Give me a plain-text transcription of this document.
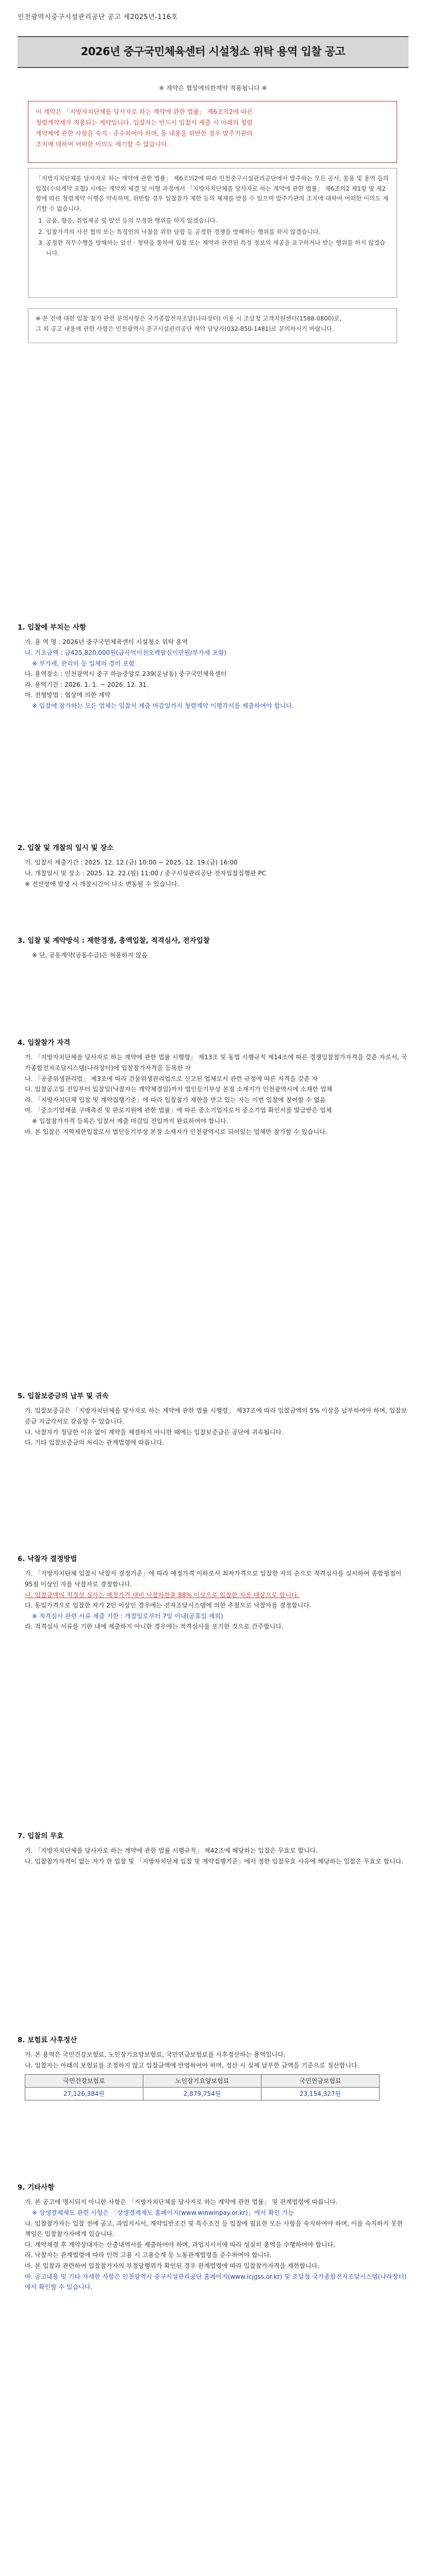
인천광역시중구시설관리공단 공고 제2025년-116호
2026년 중구국민체육센터 시설청소 위탁 용역 입찰 공고
※ 계약은 협상에의한계약 적용됩니다 ※
이 계약은 「지방자치단체를 당사자로 하는 계약에 관한 법률」 제6조의2에 따른
청렴계약제가 적용되는 계약입니다. 입찰자는 반드시 입찰서 제출 시 아래의 청렴
계약제에 관한 사항을 숙지 · 준수하여야 하며, 동 내용을 위반한 경우 발주기관의
조치에 대하여 어떠한 이의도 제기할 수 없습니다.

「지방자치단체를 당사자로 하는 계약에 관한 법률」 제6조의2에 따라 인천중구시설관리공단에서 발주하는 모든 공사, 물품 및 용역 등의 입찰(수의계약 포함) 시에는 계약의 체결 및 이행 과정에서 「지방자치단체를 당사자로 하는 계약에 관한 법률」 제6조의2 제1항 및 제2항에 따른 청렴계약 이행을 약속하며, 위반할 경우 입찰참가 제한 등의 제재를 받을 수 있으며 발주기관의 조치에 대하여 어떠한 이의도 제기할 수 없습니다.

1. 금품, 향응, 취업제공 및 알선 등의 부정한 행위를 하지 않겠습니다.
2. 입찰가격의 사전 협의 또는 특정인의 낙찰을 위한 담합 등 공정한 경쟁을 방해하는 행위를 하지 않겠습니다.
3. 공정한 직무수행을 방해하는 알선 · 청탁을 통하여 입찰 또는 계약과 관련된 특정 정보의 제공을 요구하거나 받는 행위를 하지 않겠습니다.
※ 본 건에 대한 입찰 참가 관련 문의사항은 국가종합전자조달(나라장터) 이용 시 조달청 고객지원센터(1588-0800)로,
그 외 공고 내용에 관한 사항은 인천광역시 중구시설관리공단 계약 담당자(032-850-1481)로 문의하시기 바랍니다.
1. 입찰에 부치는 사항

가. 용 역 명 : 2026년 중구국민체육센터 시설청소 위탁 용역

나. 기초금액 : 금425,820,000원(금사억이천오백팔십이만원/부가세 포함)

※ 부가세, 관리비 등 일체의 경비 포함

다. 용역장소 : 인천광역시 중구 하늘중앙로 239(운남동) 중구국민체육센터

라. 용역기간 : 2026. 1. 1. ~ 2026. 12. 31.

마. 전형방법 : 협상에 의한 계약

※ 입찰에 참가하는 모든 업체는 입찰서 제출 마감일까지 청렴계약 이행각서를 제출하여야 합니다.

2. 입찰 및 개찰의 일시 및 장소

가. 입찰서 제출기간 : 2025. 12. 12.(금) 10:00 ~ 2025. 12. 19.(금) 16:00

나. 개찰일시 및 장소 : 2025. 12. 22.(월) 11:00 / 중구시설관리공단 전자입찰집행관 PC

※ 전산장애 발생 시 개찰시간이 다소 변동될 수 있습니다.

3. 입찰 및 계약방식 : 제한경쟁, 총액입찰, 적격심사, 전자입찰

※ 단, 공동계약(공동수급)은 허용하지 않음

4. 입찰참가 자격

가. 「지방자치단체를 당사자로 하는 계약에 관한 법률 시행령」 제13조 및 동법 시행규칙 제14조에 따른 경쟁입찰참가자격을 갖춘 자로서, 국가종합전자조달시스템(나라장터)에 입찰참가자격을 등록한 자

나. 「공중위생관리법」 제3조에 따라 건물위생관리업으로 신고된 업체로서 관련 규정에 따른 자격을 갖춘 자

다. 입찰공고일 전일부터 입찰일(낙찰자는 계약체결일)까지 법인등기부상 본점 소재지가 인천광역시에 소재한 업체

라. 「지방자치단체 입찰 및 계약집행기준」에 따라 입찰참가 제한을 받고 있는 자는 이번 입찰에 참여할 수 없음

마. 「중소기업제품 구매촉진 및 판로지원에 관한 법률」에 따른 중소기업자로서 중소기업 확인서를 발급받은 업체

※ 입찰참가자격 등록은 입찰서 제출 마감일 전일까지 완료하여야 합니다.

바. 본 입찰은 지역제한입찰로서 법인등기부상 본점 소재지가 인천광역시로 되어있는 업체만 참가할 수 있습니다.

5. 입찰보증금의 납부 및 귀속

가. 입찰보증금은 「지방자치단체를 당사자로 하는 계약에 관한 법률 시행령」 제37조에 따라 입찰금액의 5% 이상을 납부하여야 하며, 입찰보증금 지급각서로 갈음할 수 있습니다.

나. 낙찰자가 정당한 이유 없이 계약을 체결하지 아니한 때에는 입찰보증금은 공단에 귀속됩니다.

다. 기타 입찰보증금의 처리는 관계법령에 따릅니다.

6. 낙찰자 결정방법

가. 「지방자치단체 입찰시 낙찰자 결정기준」에 따라 예정가격 이하로서 최저가격으로 입찰한 자의 순으로 적격심사를 실시하여 종합평점이 95점 이상인 자를 낙찰자로 결정합니다.

나. 입찰금액의 적정성 심사는 예정가격 대비 낙찰하한율 88% 이상으로 입찰한 자를 대상으로 합니다.

다. 동일가격으로 입찰한 자가 2인 이상인 경우에는 전자조달시스템에 의한 추첨으로 낙찰자를 결정합니다.

※ 적격심사 관련 서류 제출 기한 : 개찰일로부터 7일 이내(공휴일 제외)

라. 적격심사 서류를 기한 내에 제출하지 아니한 경우에는 적격심사를 포기한 것으로 간주합니다.

7. 입찰의 무효

가. 「지방자치단체를 당사자로 하는 계약에 관한 법률 시행규칙」 제42조에 해당하는 입찰은 무효로 합니다.

나. 입찰참가자격이 없는 자가 한 입찰 및 「지방자치단체 입찰 및 계약집행기준」에서 정한 입찰무효 사유에 해당하는 입찰은 무효로 합니다.

8. 보험료 사후정산

가. 본 용역은 국민건강보험료, 노인장기요양보험료, 국민연금보험료를 사후정산하는 용역입니다.

나. 입찰자는 아래의 보험료를 조정하지 않고 입찰금액에 반영하여야 하며, 정산 시 실제 납부한 금액을 기준으로 정산합니다.

국민건강보험료	노인장기요양보험료	국민연금보험료
27,126,384원	2,879,754원	23,154,327원
9. 기타사항

가. 본 공고에 명시되지 아니한 사항은 「지방자치단체를 당사자로 하는 계약에 관한 법률」 및 관계법령에 따릅니다.

※ 상생결제제도 관련 사항은 「상생결제제도 홈페이지(www.winwinpay.or.kr)」에서 확인 가능

나. 입찰참가자는 입찰 전에 공고, 과업지시서, 계약일반조건 및 특수조건 등 입찰에 필요한 모든 사항을 숙지하여야 하며, 이를 숙지하지 못한 책임은 입찰참가자에게 있습니다.

다. 계약체결 후 계약상대자는 산출내역서를 제출하여야 하며, 과업지시서에 따라 성실히 용역을 수행하여야 합니다.

라. 낙찰자는 관계법령에 따라 인력 고용 시 고용승계 등 노동관계법령을 준수하여야 합니다.

마. 본 입찰과 관련하여 입찰참가자의 부정당행위가 확인된 경우 관계법령에 따라 입찰참가자격을 제한합니다.

바. 공고내용 및 기타 자세한 사항은 인천광역시 중구시설관리공단 홈페이지(www.icjgss.or.kr) 및 조달청 국가종합전자조달시스템(나라장터)에서 확인할 수 있습니다.
